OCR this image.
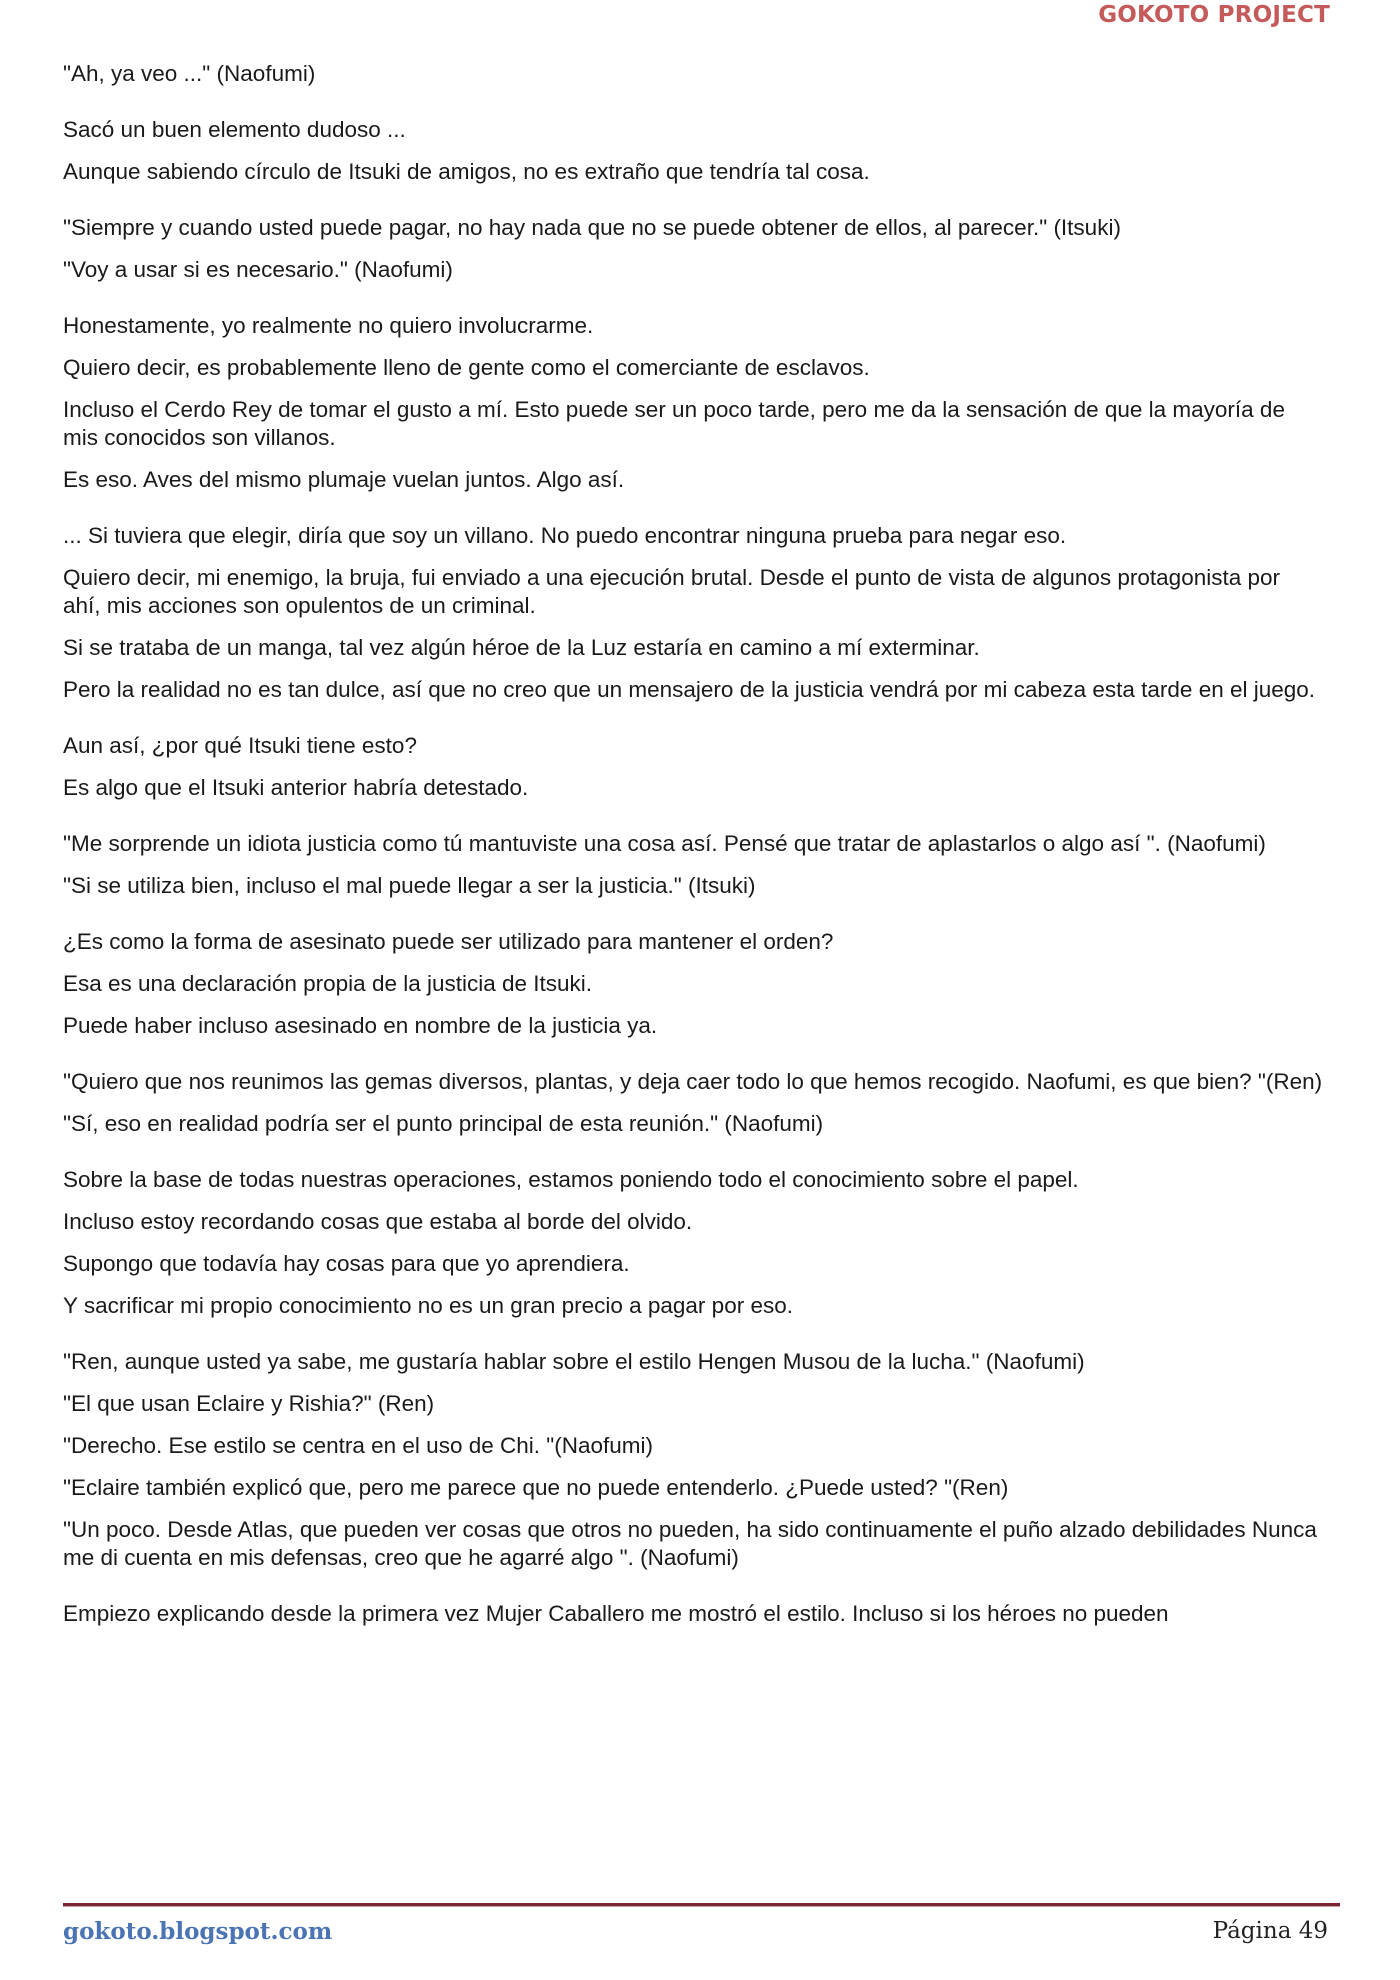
GOKOTO PROJECT

"Ah, ya veo ..." (Naofumi)

Sacó un buen elemento dudoso ...

Aunque sabiendo círculo de Itsuki de amigos, no es extraño que tendría tal cosa.

"Siempre y cuando usted puede pagar, no hay nada que no se puede obtener de ellos, al parecer." (Itsuki)

"Voy a usar si es necesario." (Naofumi)

Honestamente, yo realmente no quiero involucrarme.

Quiero decir, es probablemente lleno de gente como el comerciante de esclavos.

Incluso el Cerdo Rey de tomar el gusto a mí. Esto puede ser un poco tarde, pero me da la sensación de que la mayoría de mis conocidos son villanos.

Es eso. Aves del mismo plumaje vuelan juntos. Algo así.

... Si tuviera que elegir, diría que soy un villano. No puedo encontrar ninguna prueba para negar eso.

Quiero decir, mi enemigo, la bruja, fui enviado a una ejecución brutal. Desde el punto de vista de algunos protagonista por ahí, mis acciones son opulentos de un criminal.

Si se trataba de un manga, tal vez algún héroe de la Luz estaría en camino a mí exterminar.

Pero la realidad no es tan dulce, así que no creo que un mensajero de la justicia vendrá por mi cabeza esta tarde en el juego.

Aun así, ¿por qué Itsuki tiene esto?

Es algo que el Itsuki anterior habría detestado.

"Me sorprende un idiota justicia como tú mantuviste una cosa así. Pensé que tratar de aplastarlos o algo así ". (Naofumi)

"Si se utiliza bien, incluso el mal puede llegar a ser la justicia." (Itsuki)

¿Es como la forma de asesinato puede ser utilizado para mantener el orden?

Esa es una declaración propia de la justicia de Itsuki.

Puede haber incluso asesinado en nombre de la justicia ya.

"Quiero que nos reunimos las gemas diversos, plantas, y deja caer todo lo que hemos recogido. Naofumi, es que bien? "(Ren)

"Sí, eso en realidad podría ser el punto principal de esta reunión." (Naofumi)

Sobre la base de todas nuestras operaciones, estamos poniendo todo el conocimiento sobre el papel.

Incluso estoy recordando cosas que estaba al borde del olvido.

Supongo que todavía hay cosas para que yo aprendiera.

Y sacrificar mi propio conocimiento no es un gran precio a pagar por eso.

"Ren, aunque usted ya sabe, me gustaría hablar sobre el estilo Hengen Musou de la lucha." (Naofumi)

"El que usan Eclaire y Rishia?" (Ren)

"Derecho. Ese estilo se centra en el uso de Chi. "(Naofumi)

"Eclaire también explicó que, pero me parece que no puede entenderlo. ¿Puede usted? "(Ren)

"Un poco. Desde Atlas, que pueden ver cosas que otros no pueden, ha sido continuamente el puño alzado debilidades Nunca me di cuenta en mis defensas, creo que he agarré algo ". (Naofumi)

Empiezo explicando desde la primera vez Mujer Caballero me mostró el estilo. Incluso si los héroes no pueden

gokoto.blogspot.com	Página 49
